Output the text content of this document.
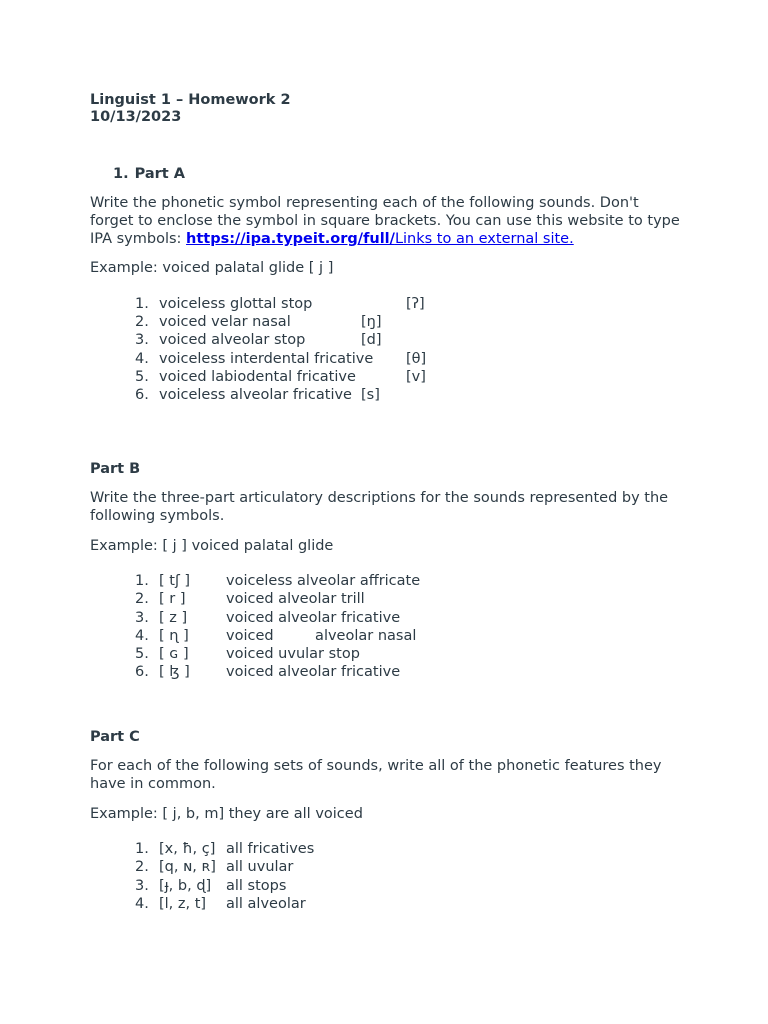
Linguist 1 – Homework 2
10/13/2023
1. Part A

Write the phonetic symbol representing each of the following sounds. Don't forget to enclose the symbol in square brackets. You can use this website to type IPA symbols: https://ipa.typeit.org/full/Links to an external site.

Example: voiced palatal glide [ j ]

1. voiceless glottal stop	[ʔ]
2. voiced velar nasal	[ŋ]
3. voiced alveolar stop	[d]
4. voiceless interdental fricative [θ]
5. voiced labiodental fricative	[v]
6. voiceless alveolar fricative [s]
Part B

Write the three-part articulatory descriptions for the sounds represented by the following symbols.

Example: [ j ] voiced palatal glide

1. [ tʃ ] voiceless alveolar affricate
2. [ r ]	voiced alveolar trill
3. [ z ]	voiced alveolar fricative
4. [ ɳ ]	voiced         alveolar nasal
5. [ ɢ ]	voiced uvular stop
6. [ ɮ ] voiced alveolar fricative
Part C

For each of the following sets of sounds, write all of the phonetic features they have in common.

Example: [ j, b, m] they are all voiced

1. [x, ħ, ç] all fricatives
2. [q, ɴ, ʀ] all uvular
3. [ɟ, b, ɖ] all stops
4. [l, z, t] all alveolar
